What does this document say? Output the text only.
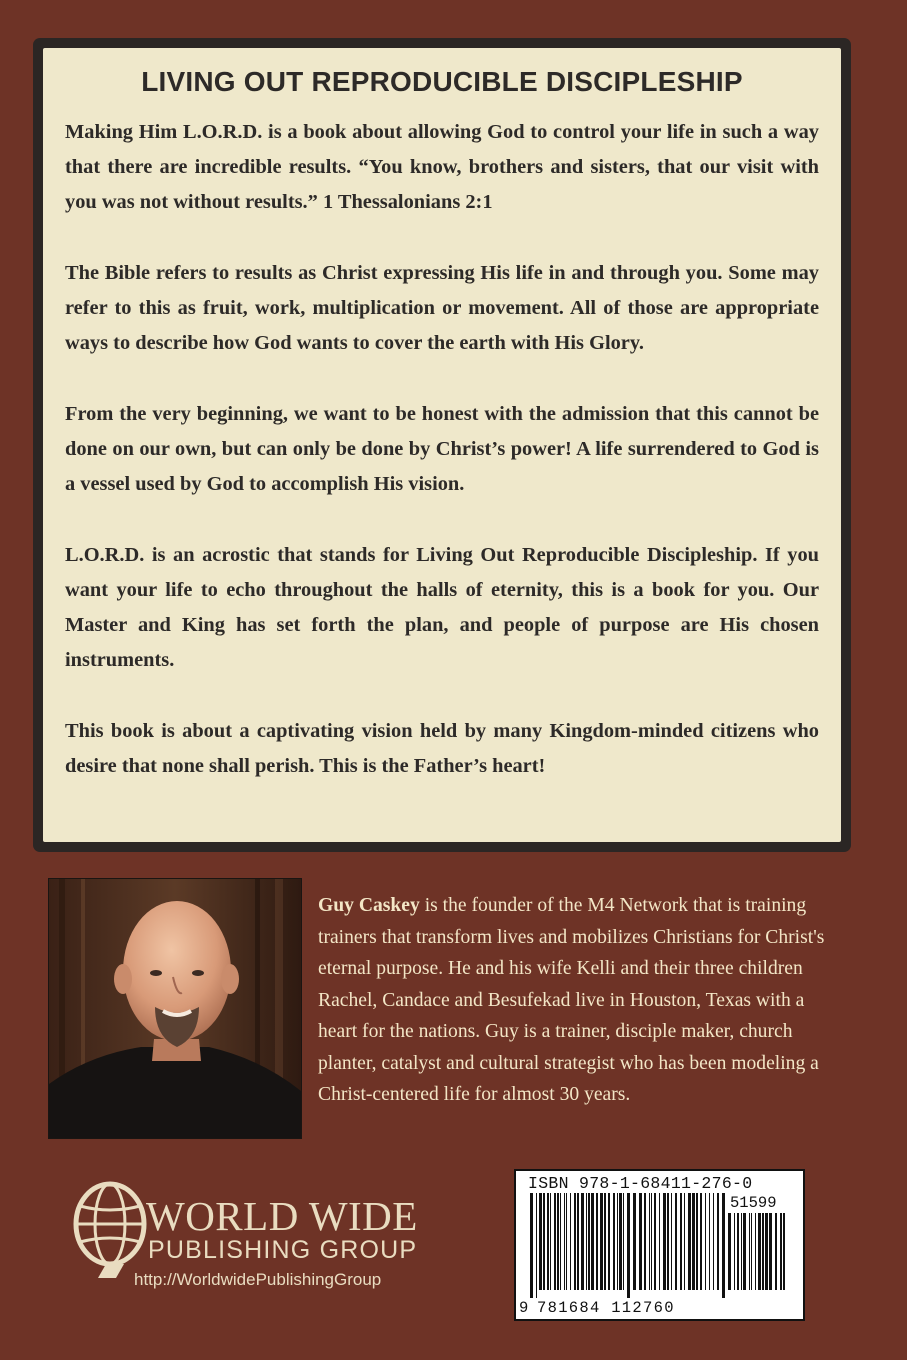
LIVING OUT REPRODUCIBLE DISCIPLESHIP

Making Him L.O.R.D. is a book about allowing God to control your life in such a way that there are incredible results. “You know, brothers and sisters, that our visit with you was not without results.” 1 Thessalonians 2:1

The Bible refers to results as Christ expressing His life in and through you. Some may refer to this as fruit, work, multiplication or movement. All of those are appropriate ways to describe how God wants to cover the earth with His Glory.

From the very beginning, we want to be honest with the admission that this cannot be done on our own, but can only be done by Christ’s power! A life surrendered to God is a vessel used by God to accomplish His vision.

L.O.R.D. is an acrostic that stands for Living Out Reproducible Discipleship. If you want your life to echo throughout the halls of eternity, this is a book for you. Our Master and King has set forth the plan, and people of purpose are His chosen instruments.

This book is about a captivating vision held by many Kingdom-minded citizens who desire that none shall perish. This is the Father’s heart!

Guy Caskey is the founder of the M4 Network that is training trainers that transform lives and mobilizes Christians for Christ's eternal purpose. He and his wife Kelli and their three children Rachel, Candace and Besufekad live in Houston, Texas with a heart for the nations. Guy is a trainer, disciple maker, church planter, catalyst and cultural strategist who has been modeling a Christ-centered life for almost 30 years.
WORLD WIDE
PUBLISHING GROUP
http://WorldwidePublishingGroup
ISBN 978-1-68411-276-0
51599
9 781684 112760
